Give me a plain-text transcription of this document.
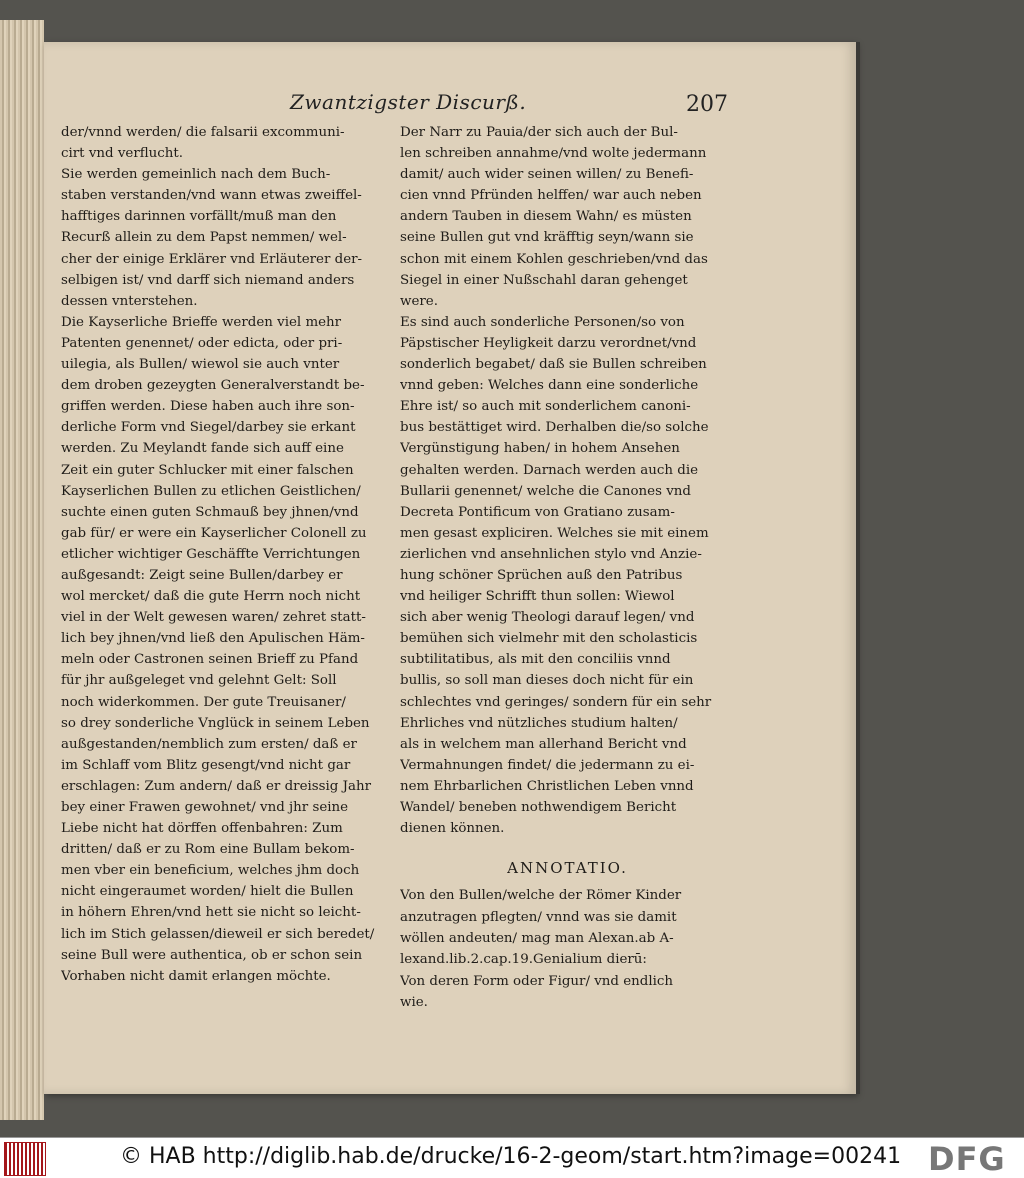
Zwantzigster Discurß.	207
der/vnnd werden/ die falsarii excommuni-
cirt vnd verflucht.
Sie werden gemeinlich nach dem Buch-
staben verstanden/vnd wann etwas zweiffel-
hafftiges darinnen vorfällt/muß man den
Recurß allein zu dem Papst nemmen/ wel-
cher der einige Erklärer vnd Erläuterer der-
selbigen ist/ vnd darff sich niemand anders
dessen vnterstehen.
Die Kayserliche Brieffe werden viel mehr
Patenten genennet/ oder edicta, oder pri-
uilegia, als Bullen/ wiewol sie auch vnter
dem droben gezeygten Generalverstandt be-
griffen werden. Diese haben auch ihre son-
derliche Form vnd Siegel/darbey sie erkant
werden. Zu Meylandt fande sich auff eine
Zeit ein guter Schlucker mit einer falschen
Kayserlichen Bullen zu etlichen Geistlichen/
suchte einen guten Schmauß bey jhnen/vnd
gab für/ er were ein Kayserlicher Colonell zu
etlicher wichtiger Geschäffte Verrichtungen
außgesandt: Zeigt seine Bullen/darbey er
wol mercket/ daß die gute Herrn noch nicht
viel in der Welt gewesen waren/ zehret statt-
lich bey jhnen/vnd ließ den Apulischen Häm-
meln oder Castronen seinen Brieff zu Pfand
für jhr außgeleget vnd gelehnt Gelt: Soll
noch widerkommen. Der gute Treuisaner/
so drey sonderliche Vnglück in seinem Leben
außgestanden/nemblich zum ersten/ daß er
im Schlaff vom Blitz gesengt/vnd nicht gar
erschlagen: Zum andern/ daß er dreissig Jahr
bey einer Frawen gewohnet/ vnd jhr seine
Liebe nicht hat dörffen offenbahren: Zum
dritten/ daß er zu Rom eine Bullam bekom-
men vber ein beneficium, welches jhm doch
nicht eingeraumet worden/ hielt die Bullen
in höhern Ehren/vnd hett sie nicht so leicht-
lich im Stich gelassen/dieweil er sich beredet/
seine Bull were authentica, ob er schon sein
Vorhaben nicht damit erlangen möchte.
Der Narr zu Pauia/der sich auch der Bul-
len schreiben annahme/vnd wolte jedermann
damit/ auch wider seinen willen/ zu Benefi-
cien vnnd Pfründen helffen/ war auch neben
andern Tauben in diesem Wahn/ es müsten
seine Bullen gut vnd kräfftig seyn/wann sie
schon mit einem Kohlen geschrieben/vnd das
Siegel in einer Nußschahl daran gehenget
were.
Es sind auch sonderliche Personen/so von
Päpstischer Heyligkeit darzu verordnet/vnd
sonderlich begabet/ daß sie Bullen schreiben
vnnd geben: Welches dann eine sonderliche
Ehre ist/ so auch mit sonderlichem canoni-
bus bestättiget wird. Derhalben die/so solche
Vergünstigung haben/ in hohem Ansehen
gehalten werden. Darnach werden auch die
Bullarii genennet/ welche die Canones vnd
Decreta Pontificum von Gratiano zusam-
men gesast expliciren. Welches sie mit einem
zierlichen vnd ansehnlichen stylo vnd Anzie-
hung schöner Sprüchen auß den Patribus
vnd heiliger Schrifft thun sollen: Wiewol
sich aber wenig Theologi darauf legen/ vnd
bemühen sich vielmehr mit den scholasticis
subtilitatibus, als mit den conciliis vnnd
bullis, so soll man dieses doch nicht für ein
schlechtes vnd geringes/ sondern für ein sehr
Ehrliches vnd nützliches studium halten/
als in welchem man allerhand Bericht vnd
Vermahnungen findet/ die jedermann zu ei-
nem Ehrbarlichen Christlichen Leben vnnd
Wandel/ beneben nothwendigem Bericht
dienen können.
ANNOTATIO.
Von den Bullen/welche der Römer Kinder
anzutragen pflegten/ vnnd was sie damit
wöllen andeuten/ mag man Alexan.ab A-
lexand.lib.2.cap.19.Genialium dierū:
Von deren Form oder Figur/ vnd endlich
wie.
© HAB http://diglib.hab.de/drucke/16-2-geom/start.htm?image=00241 DFG
